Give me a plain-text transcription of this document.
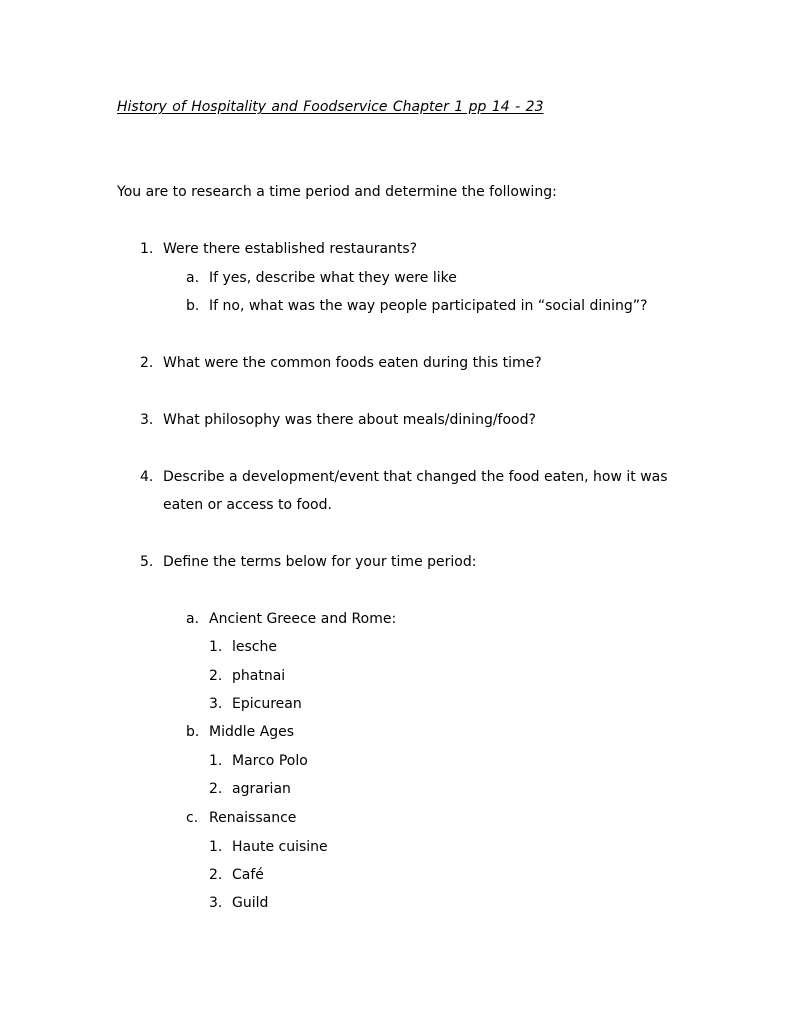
History of Hospitality and Foodservice Chapter 1 pp 14 - 23
You are to research a time period and determine the following:
1. Were there established restaurants?
a. If yes, describe what they were like
b. If no, what was the way people participated in “social dining”?
2. What were the common foods eaten during this time?
3. What philosophy was there about meals/dining/food?
4. Describe a development/event that changed the food eaten, how it was
eaten or access to food.
5. Define the terms below for your time period:
a. Ancient Greece and Rome:
1. lesche
2. phatnai
3. Epicurean
b. Middle Ages
1. Marco Polo
2. agrarian
c. Renaissance
1. Haute cuisine
2. Café
3. Guild
